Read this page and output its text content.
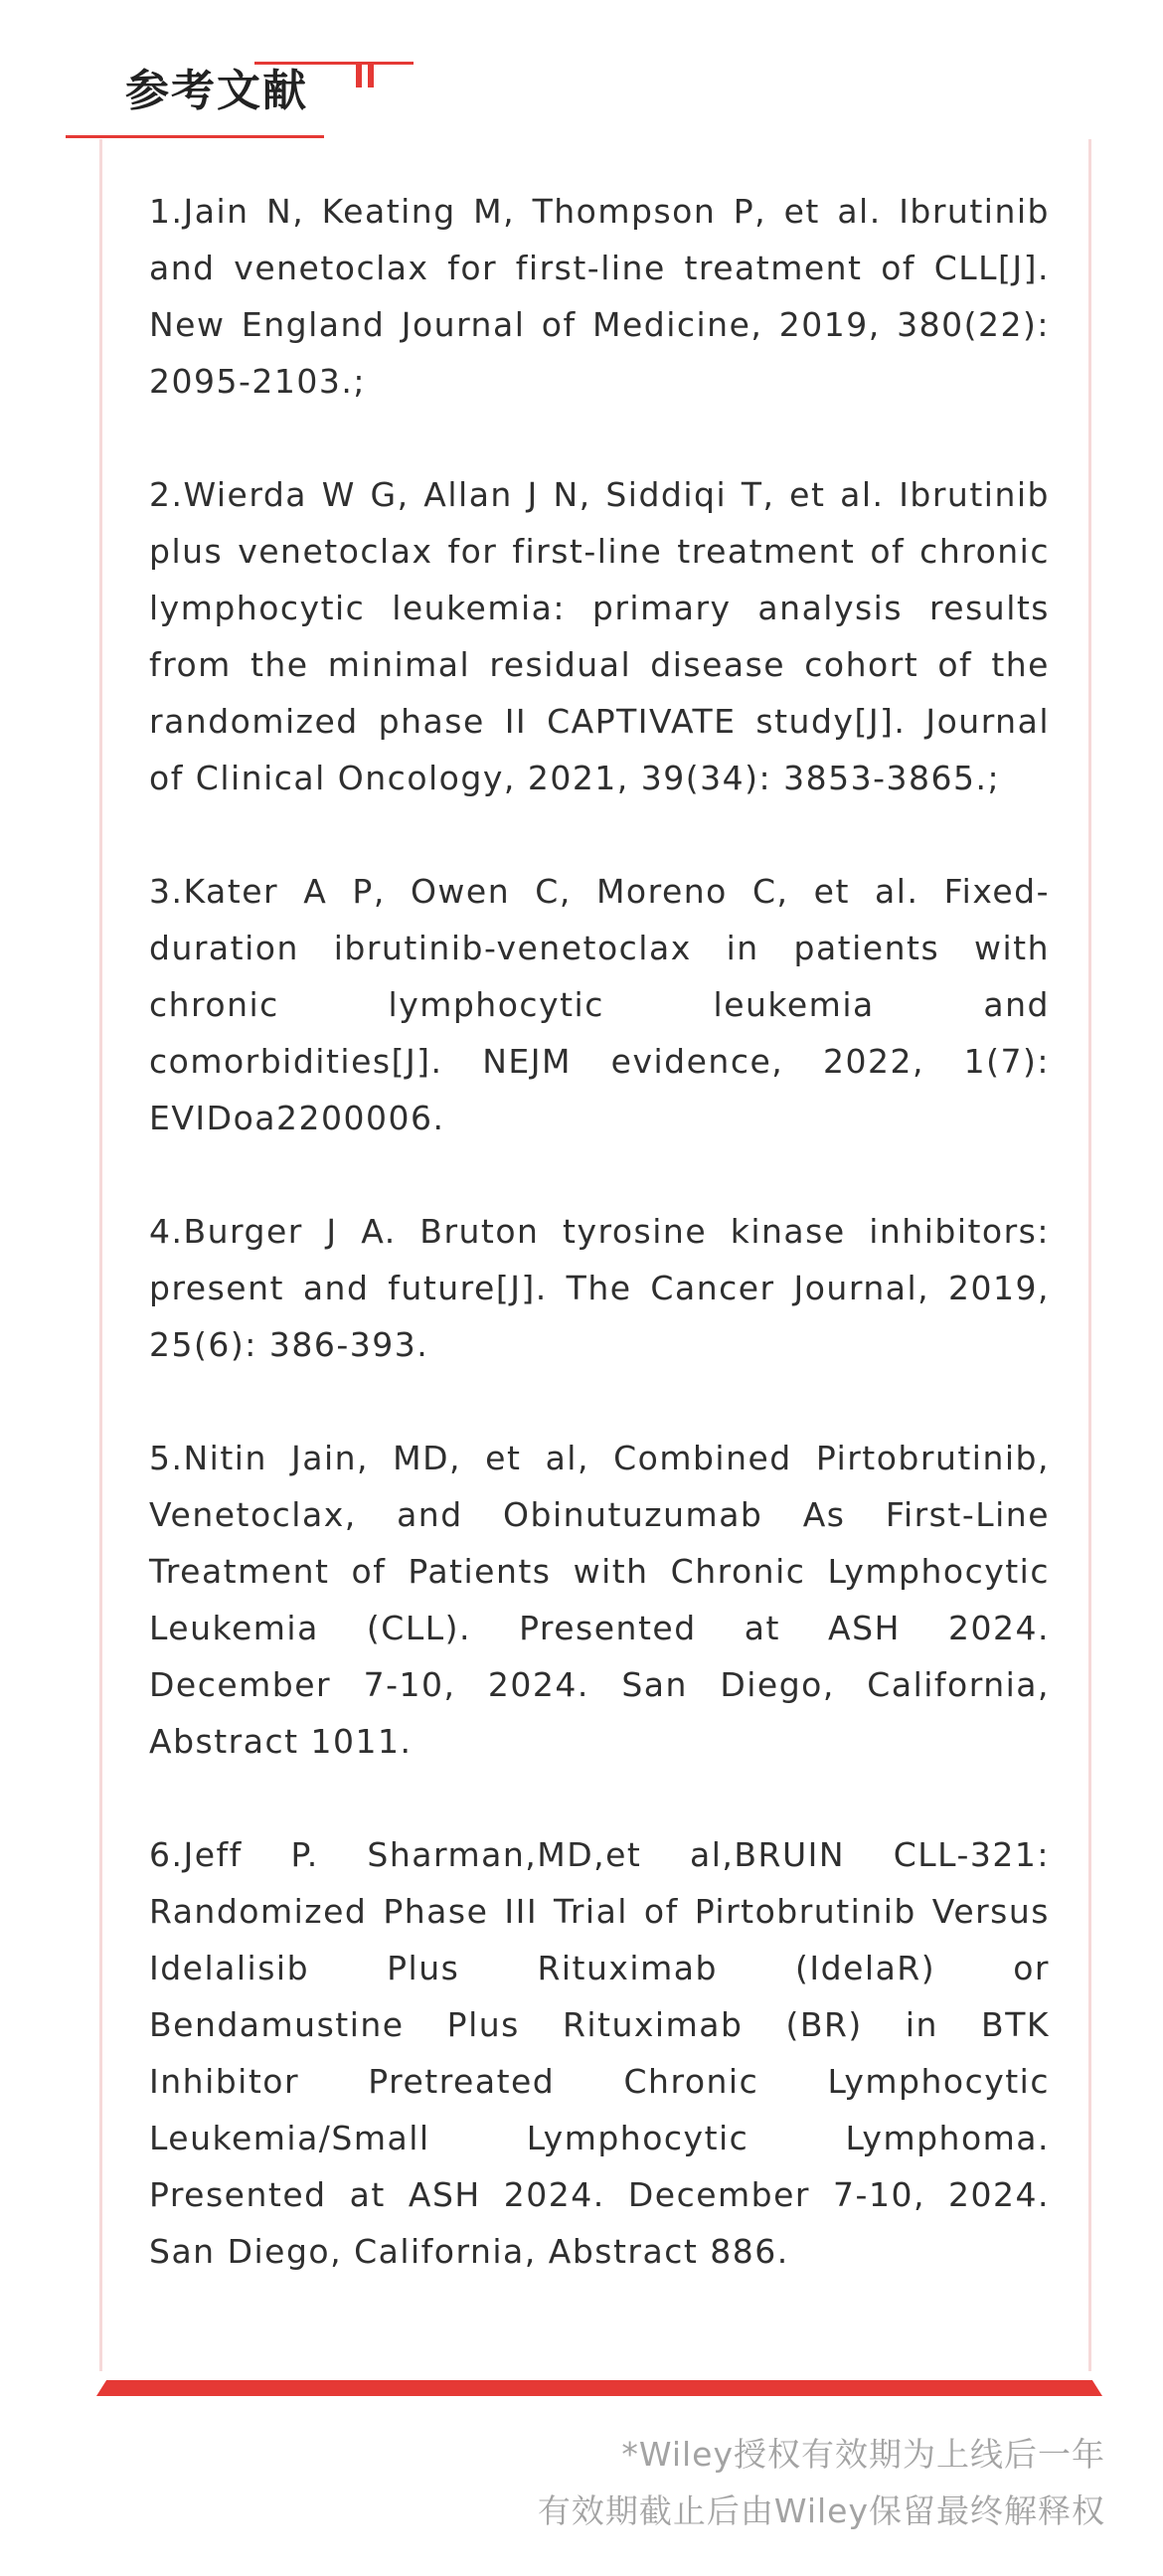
参考文献
1.Jain N, Keating M, Thompson P, et al. Ibrutinib and venetoclax for first-line treatment of CLL[J]. New England Journal of Medicine, 2019, 380(22): 2095-2103.;
2.Wierda W G, Allan J N, Siddiqi T, et al. Ibrutinib plus venetoclax for first-line treatment of chronic lymphocytic leukemia: primary analysis results from the minimal residual disease cohort of the randomized phase II CAPTIVATE study[J]. Journal of Clinical Oncology, 2021, 39(34): 3853-3865.;
3.Kater A P, Owen C, Moreno C, et al. Fixed-duration ibrutinib-venetoclax in patients with chronic lymphocytic leukemia and comorbidities[J]. NEJM evidence, 2022, 1(7): EVIDoa2200006.
4.Burger J A. Bruton tyrosine kinase inhibitors: present and future[J]. The Cancer Journal, 2019, 25(6): 386-393.
5.Nitin Jain, MD, et al, Combined Pirtobrutinib, Venetoclax, and Obinutuzumab As First-Line Treatment of Patients with Chronic Lymphocytic Leukemia (CLL). Presented at ASH 2024. December 7-10, 2024. San Diego, California, Abstract 1011.
6.Jeff P. Sharman,MD,et al,BRUIN CLL-321: Randomized Phase III Trial of Pirtobrutinib Versus Idelalisib Plus Rituximab (IdelaR) or Bendamustine Plus Rituximab (BR) in BTK Inhibitor Pretreated Chronic Lymphocytic Leukemia/Small Lymphocytic Lymphoma. Presented at ASH 2024. December 7-10, 2024. San Diego, California, Abstract 886.
*Wiley授权有效期为上线后一年
有效期截止后由Wiley保留最终解释权
